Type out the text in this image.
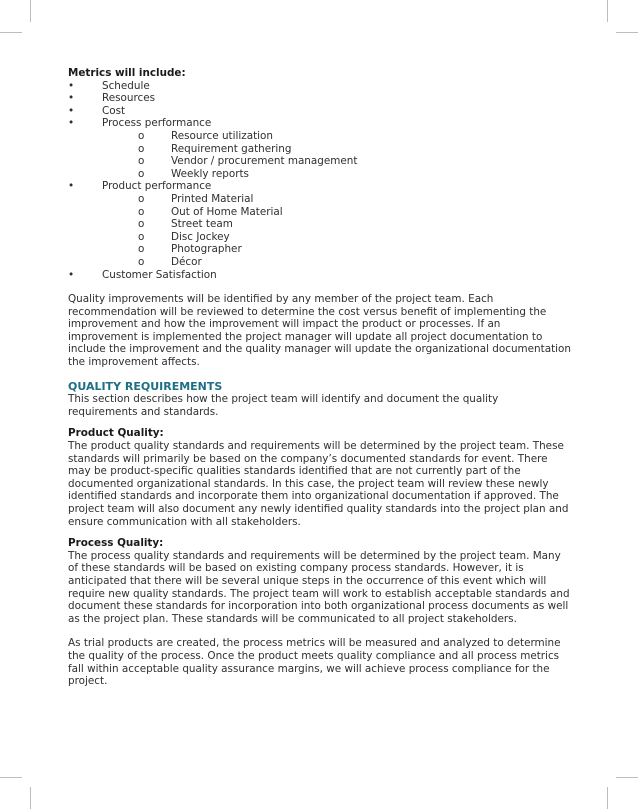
Metrics will include:

•	Schedule
•	Resources
•	Cost
•	Process performance
o	Resource utilization
o	Requirement gathering
o	Vendor / procurement management
o	Weekly reports
•	Product performance
o	Printed Material
o	Out of Home Material
o	Street team
o	Disc Jockey
o	Photographer
o	Décor
•	Customer Satisfaction

Quality improvements will be identified by any member of the project team. Each recommendation will be reviewed to determine the cost versus benefit of implementing the improvement and how the improvement will impact the product or processes. If an improvement is implemented the project manager will update all project documentation to include the improvement and the quality manager will update the organizational documentation the improvement affects.

QUALITY REQUIREMENTS

This section describes how the project team will identify and document the quality requirements and standards.

Product Quality:

The product quality standards and requirements will be determined by the project team. These standards will primarily be based on the company’s documented standards for event. There may be product-specific qualities standards identified that are not currently part of the documented organizational standards. In this case, the project team will review these newly identified standards and incorporate them into organizational documentation if approved. The project team will also document any newly identified quality standards into the project plan and ensure communication with all stakeholders.

Process Quality:

The process quality standards and requirements will be determined by the project team. Many of these standards will be based on existing company process standards. However, it is anticipated that there will be several unique steps in the occurrence of this event which will require new quality standards. The project team will work to establish acceptable standards and document these standards for incorporation into both organizational process documents as well as the project plan. These standards will be communicated to all project stakeholders.

As trial products are created, the process metrics will be measured and analyzed to determine the quality of the process. Once the product meets quality compliance and all process metrics fall within acceptable quality assurance margins, we will achieve process compliance for the project.
